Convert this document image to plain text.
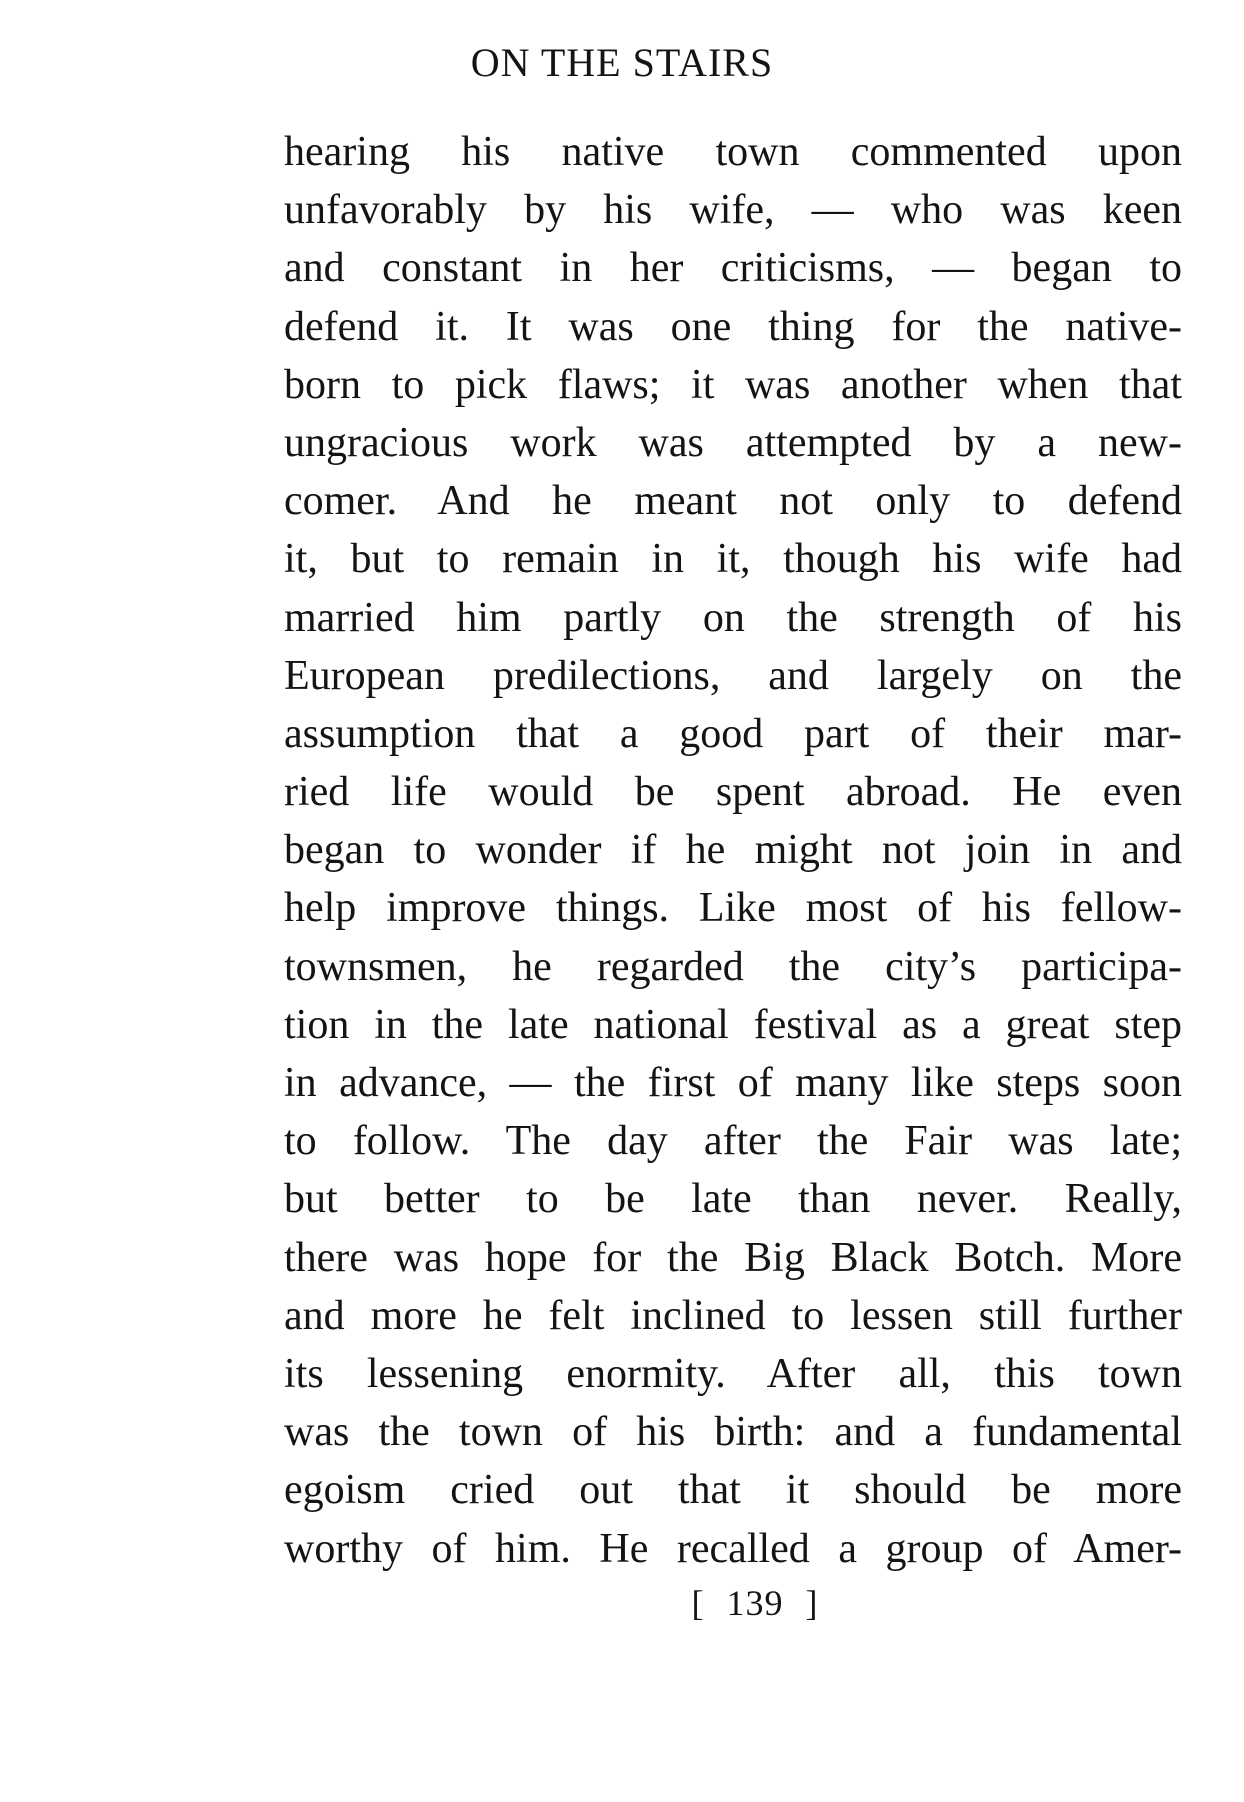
ON THE STAIRS
hearing his native town commented upon
unfavorably by his wife, — who was keen
and constant in her criticisms, — began to
defend it. It was one thing for the native-
born to pick flaws; it was another when that
ungracious work was attempted by a new-
comer. And he meant not only to defend
it, but to remain in it, though his wife had
married him partly on the strength of his
European predilections, and largely on the
assumption that a good part of their mar-
ried life would be spent abroad. He even
began to wonder if he might not join in and
help improve things. Like most of his fellow-
townsmen, he regarded the city’s participa-
tion in the late national festival as a great step
in advance, — the first of many like steps soon
to follow. The day after the Fair was late;
but better to be late than never. Really,
there was hope for the Big Black Botch. More
and more he felt inclined to lessen still further
its lessening enormity. After all, this town
was the town of his birth: and a fundamental
egoism cried out that it should be more
worthy of him. He recalled a group of Amer-
[ 139 ]
